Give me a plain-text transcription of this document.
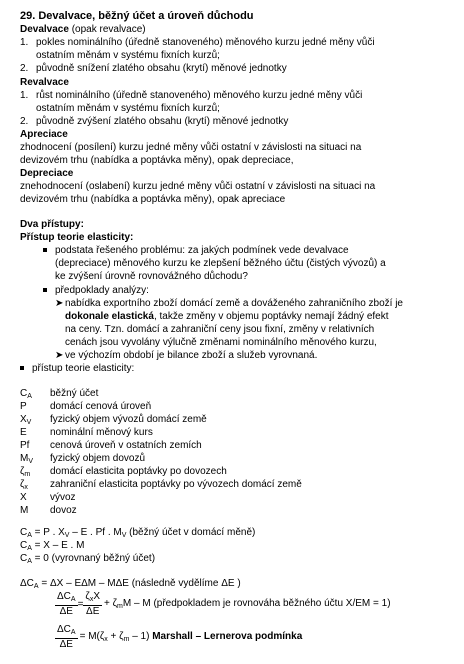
29. Devalvace, běžný účet a úroveň důchodu
Devalvace (opak revalvace)
1. pokles nominálního (úředně stanoveného) měnového kurzu jedné měny vůči
ostatním měnám v systému fixních kurzů;
2. původně snížení zlatého obsahu (krytí) měnové jednotky
Revalvace
1. růst nominálního (úředně stanoveného) měnového kurzu jedné měny vůči
ostatním měnám v systému fixních kurzů;
2. původně zvýšení zlatého obsahu (krytí) měnové jednotky
Apreciace
zhodnocení (posílení) kurzu jedné měny vůči ostatní v závislosti na situaci na
devizovém trhu (nabídka a poptávka měny), opak depreciace,
Depreciace
znehodnocení (oslabení) kurzu jedné měny vůči ostatní v závislosti na situaci na
devizovém trhu (nabídka a poptávka měny), opak apreciace
Dva přístupy:
Přístup teorie elasticity:
podstata řešeného problému: za jakých podmínek vede devalvace
(depreciace) měnového kurzu ke zlepšení běžného účtu (čistých vývozů) a
ke zvýšení úrovně rovnovážného důchodu?
předpoklady analýzy:
➤ nabídka exportního zboží domácí země a dováženého zahraničního zboží je
dokonale elastická, takže změny v objemu poptávky nemají žádný efekt
na ceny. Tzn. domácí a zahraniční ceny jsou fixní, změny v relativních
cenách jsou vyvolány výlučně změnami nominálního měnového kurzu,
➤ ve výchozím období je bilance zboží a služeb vyrovnaná.
přístup teorie elasticity:
$C_A$ běžný účet
P domácí cenová úroveň
$X_V$ fyzický objem vývozů domácí země
E nominální měnový kurs
Pf cenová úroveň v ostatních zemích
$M_V$ fyzický objem dovozů
$\zeta_m$ domácí elasticita poptávky po dovozech
$\zeta_x$ zahraniční elasticita poptávky po vývozech domácí země
X vývoz
M dovoz
$C_A = P$ . $X_V$ – E . Pf . $M_V$ (běžný účet v domácí měně)
$C_A = X - E$ . M
$C_A = 0$ (vyrovnaný běžný účet)
$\Delta C_A = \Delta X - E\Delta M - M\Delta E$ (následně vydělíme ΔE )
$\frac{\Delta C_A}{\Delta E} = \frac{\zeta_xX}{\Delta E} + \zeta_mM - M$ (předpokladem je rovnováha běžného účtu X/EM = 1)
$\frac{\Delta C_A}{\Delta E} = M(\zeta_x + \zeta_m - 1)$ Marshall – Lernerova podmínka
